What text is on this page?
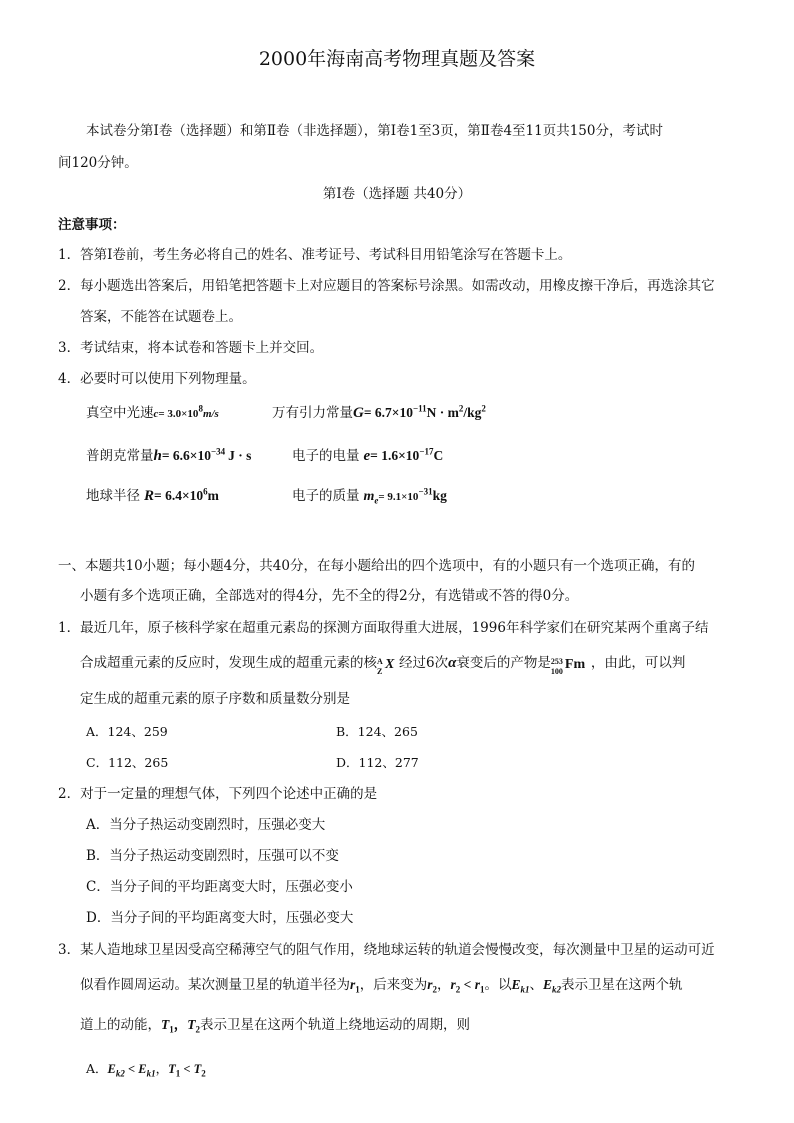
2000年海南高考物理真题及答案
本试卷分第Ⅰ卷（选择题）和第Ⅱ卷（非选择题），第Ⅰ卷1至3页，第Ⅱ卷4至11页共150分，考试时
间120分钟。
第Ⅰ卷（选择题 共40分）
注意事项：
1．答第Ⅰ卷前，考生务必将自己的姓名、准考证号、考试科目用铅笔涂写在答题卡上。
2．每小题选出答案后，用铅笔把答题卡上对应题目的答案标号涂黑。如需改动，用橡皮擦干净后，再选涂其它
答案，不能答在试题卷上。
3．考试结束，将本试卷和答题卡上并交回。
4．必要时可以使用下列物理量。
真空中光速$c= 3.0\times 10^8m/s$	万有引力常量$G= 6.7\times 10^{-11}N \cdot m^2/kg^2$
普朗克常量$h= 6.6\times 10^{-34}$ J · s	电子的电量 $e= 1.6\times 10^{-17}C$
地球半径 $R= 6.4\times 10^6m$	电子的质量 $m_e= 9.1\times 10^{-31}kg$
一、本题共10小题；每小题4分，共40分，在每小题给出的四个选项中，有的小题只有一个选项正确，有的
小题有多个选项正确，全部选对的得4分，先不全的得2分，有选错或不答的得0分。
1．最近几年，原子核科学家在超重元素岛的探测方面取得重大进展，1996年科学家们在研究某两个重离子结
合成超重元素的反应时，发现生成的超重元素的核 A
Z X 经过6次α衰变后的产物是 253
100 Fm ，由此，可以判
定生成的超重元素的原子序数和质量数分别是
A．124、259	B．124、265
C．112、265	D．112、277
2．对于一定量的理想气体，下列四个论述中正确的是
A．当分子热运动变剧烈时，压强必变大
B．当分子热运动变剧烈时，压强可以不变
C．当分子间的平均距离变大时，压强必变小
D．当分子间的平均距离变大时，压强必变大
3．某人造地球卫星因受高空稀薄空气的阻气作用，绕地球运转的轨道会慢慢改变，每次测量中卫星的运动可近
似看作圆周运动。某次测量卫星的轨道半径为$r_1$，后来变为$r_2$，$r_2 < r_1$。以$E_{k1}$、$E_{k2}$表示卫星在这两个轨
道上的动能，$T_1$，$T_2$表示卫星在这两个轨道上绕地运动的周期，则
A．$E_{k2} < E_{k1}$，$T_1 < T_2$
